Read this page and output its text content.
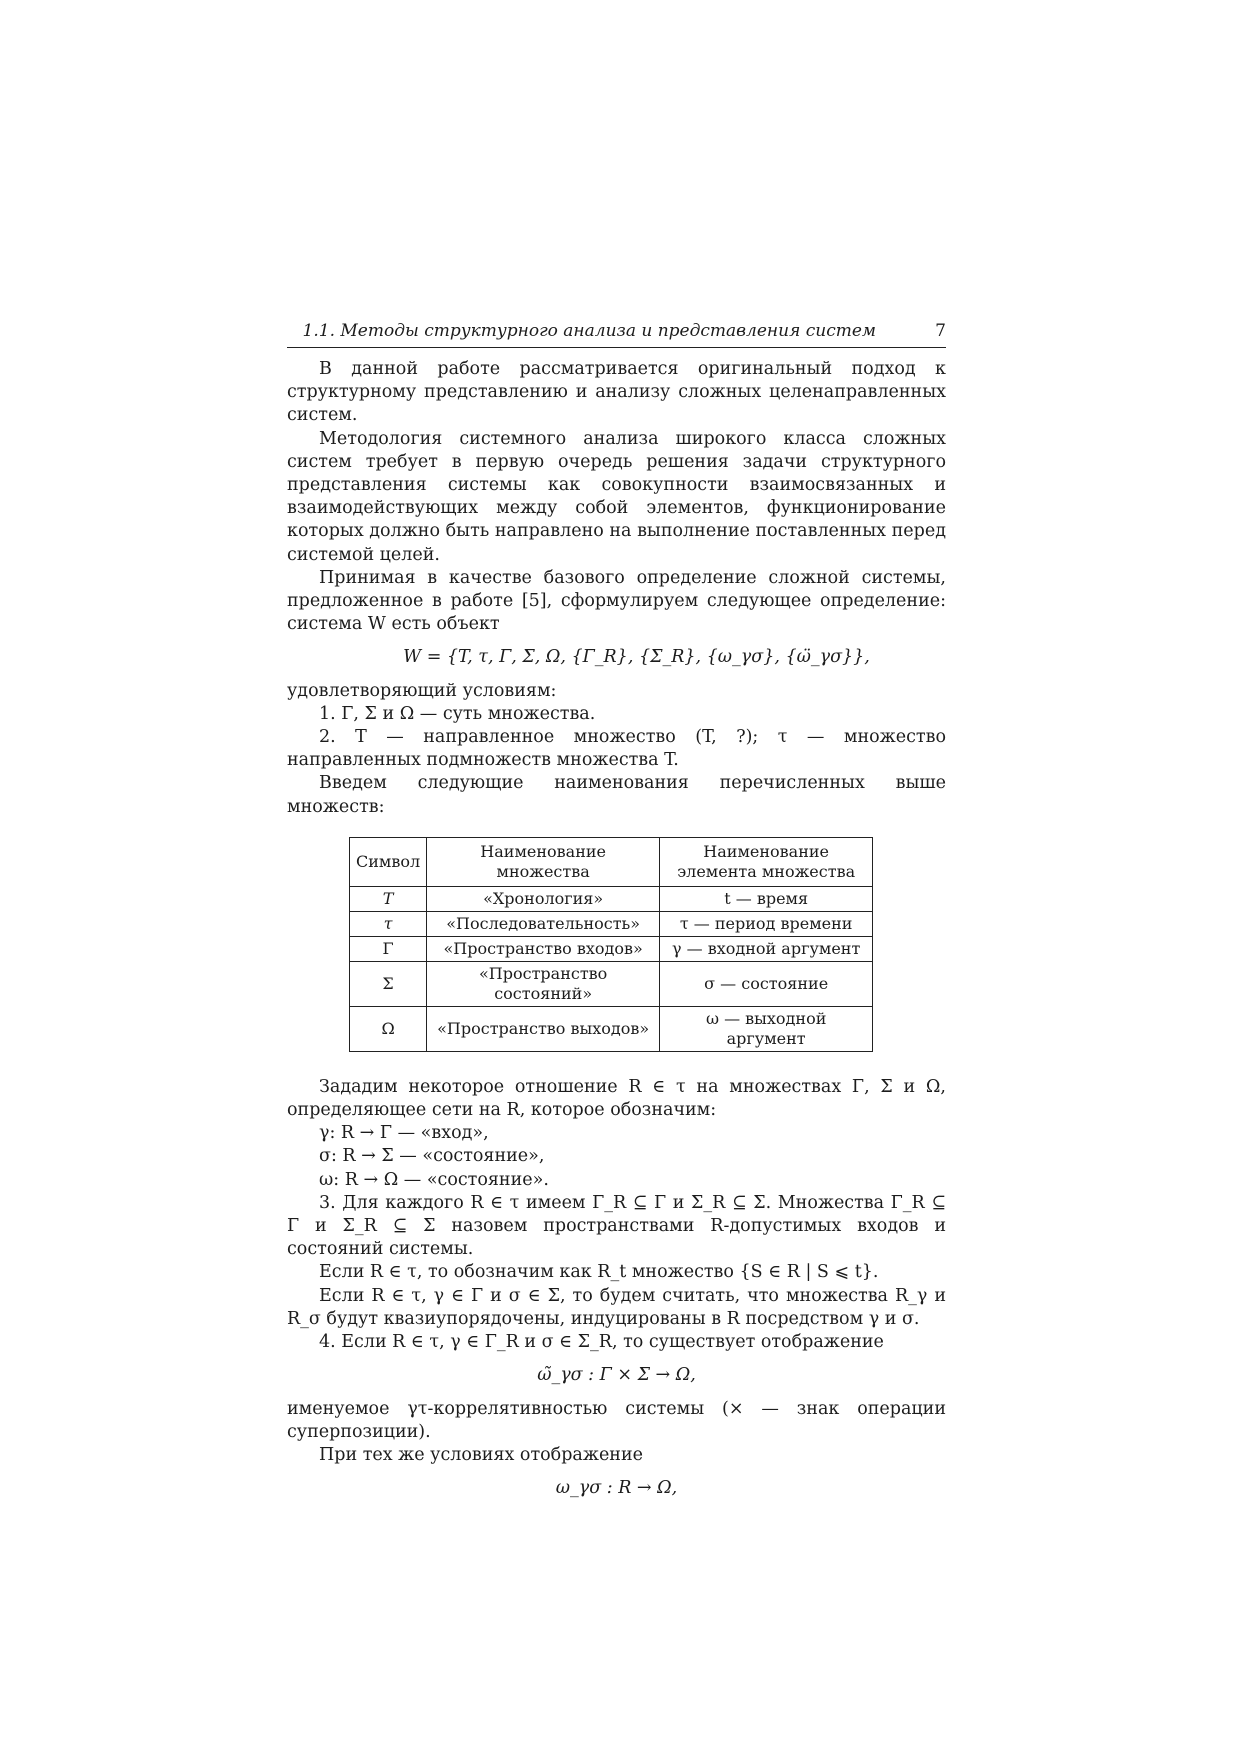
1.1. Методы структурного анализа и представления систем	7

В данной работе рассматривается оригинальный подход к структурному представлению и анализу сложных целенаправленных систем.

Методология системного анализа широкого класса сложных систем требует в первую очередь решения задачи структурного представления системы как совокупности взаимосвязанных и взаимодействующих между собой элементов, функционирование которых должно быть направлено на выполнение поставленных перед системой целей.

Принимая в качестве базового определение сложной системы, предложенное в работе [5], сформулируем следующее определение: система W есть объект

W = {T, τ, Γ, Σ, Ω, {Γ_R}, {Σ_R}, {ω_γσ}, {ω̈_γσ}},

удовлетворяющий условиям:

1. Γ, Σ и Ω — суть множества.

2. T — направленное множество (T, ?); τ — множество направленных подмножеств множества T.

Введем следующие наименования перечисленных выше множеств:

Символ	Наименование множества	Наименование элемента множества
T	«Хронология»	t — время
τ	«Последовательность»	τ — период времени
Γ	«Пространство входов»	γ — входной аргумент
Σ	«Пространство состояний»	σ — состояние
Ω	«Пространство выходов»	ω — выходной аргумент

Зададим некоторое отношение R ∈ τ на множествах Γ, Σ и Ω, определяющее сети на R, которое обозначим:

γ: R → Γ — «вход»,

σ: R → Σ — «состояние»,

ω: R → Ω — «состояние».

3. Для каждого R ∈ τ имеем Γ_R ⊆ Γ и Σ_R ⊆ Σ. Множества Γ_R ⊆ Γ и Σ_R ⊆ Σ назовем пространствами R-допустимых входов и состояний системы.

Если R ∈ τ, то обозначим как R_t множество {S ∈ R | S ⩽ t}.

Если R ∈ τ, γ ∈ Γ и σ ∈ Σ, то будем считать, что множества R_γ и R_σ будут квазиупорядочены, индуцированы в R посредством γ и σ.

4. Если R ∈ τ, γ ∈ Γ_R и σ ∈ Σ_R, то существует отображение

ω̃_γσ : Γ × Σ → Ω,

именуемое γτ-коррелятивностью системы (× — знак операции суперпозиции).

При тех же условиях отображение

ω_γσ : R → Ω,
